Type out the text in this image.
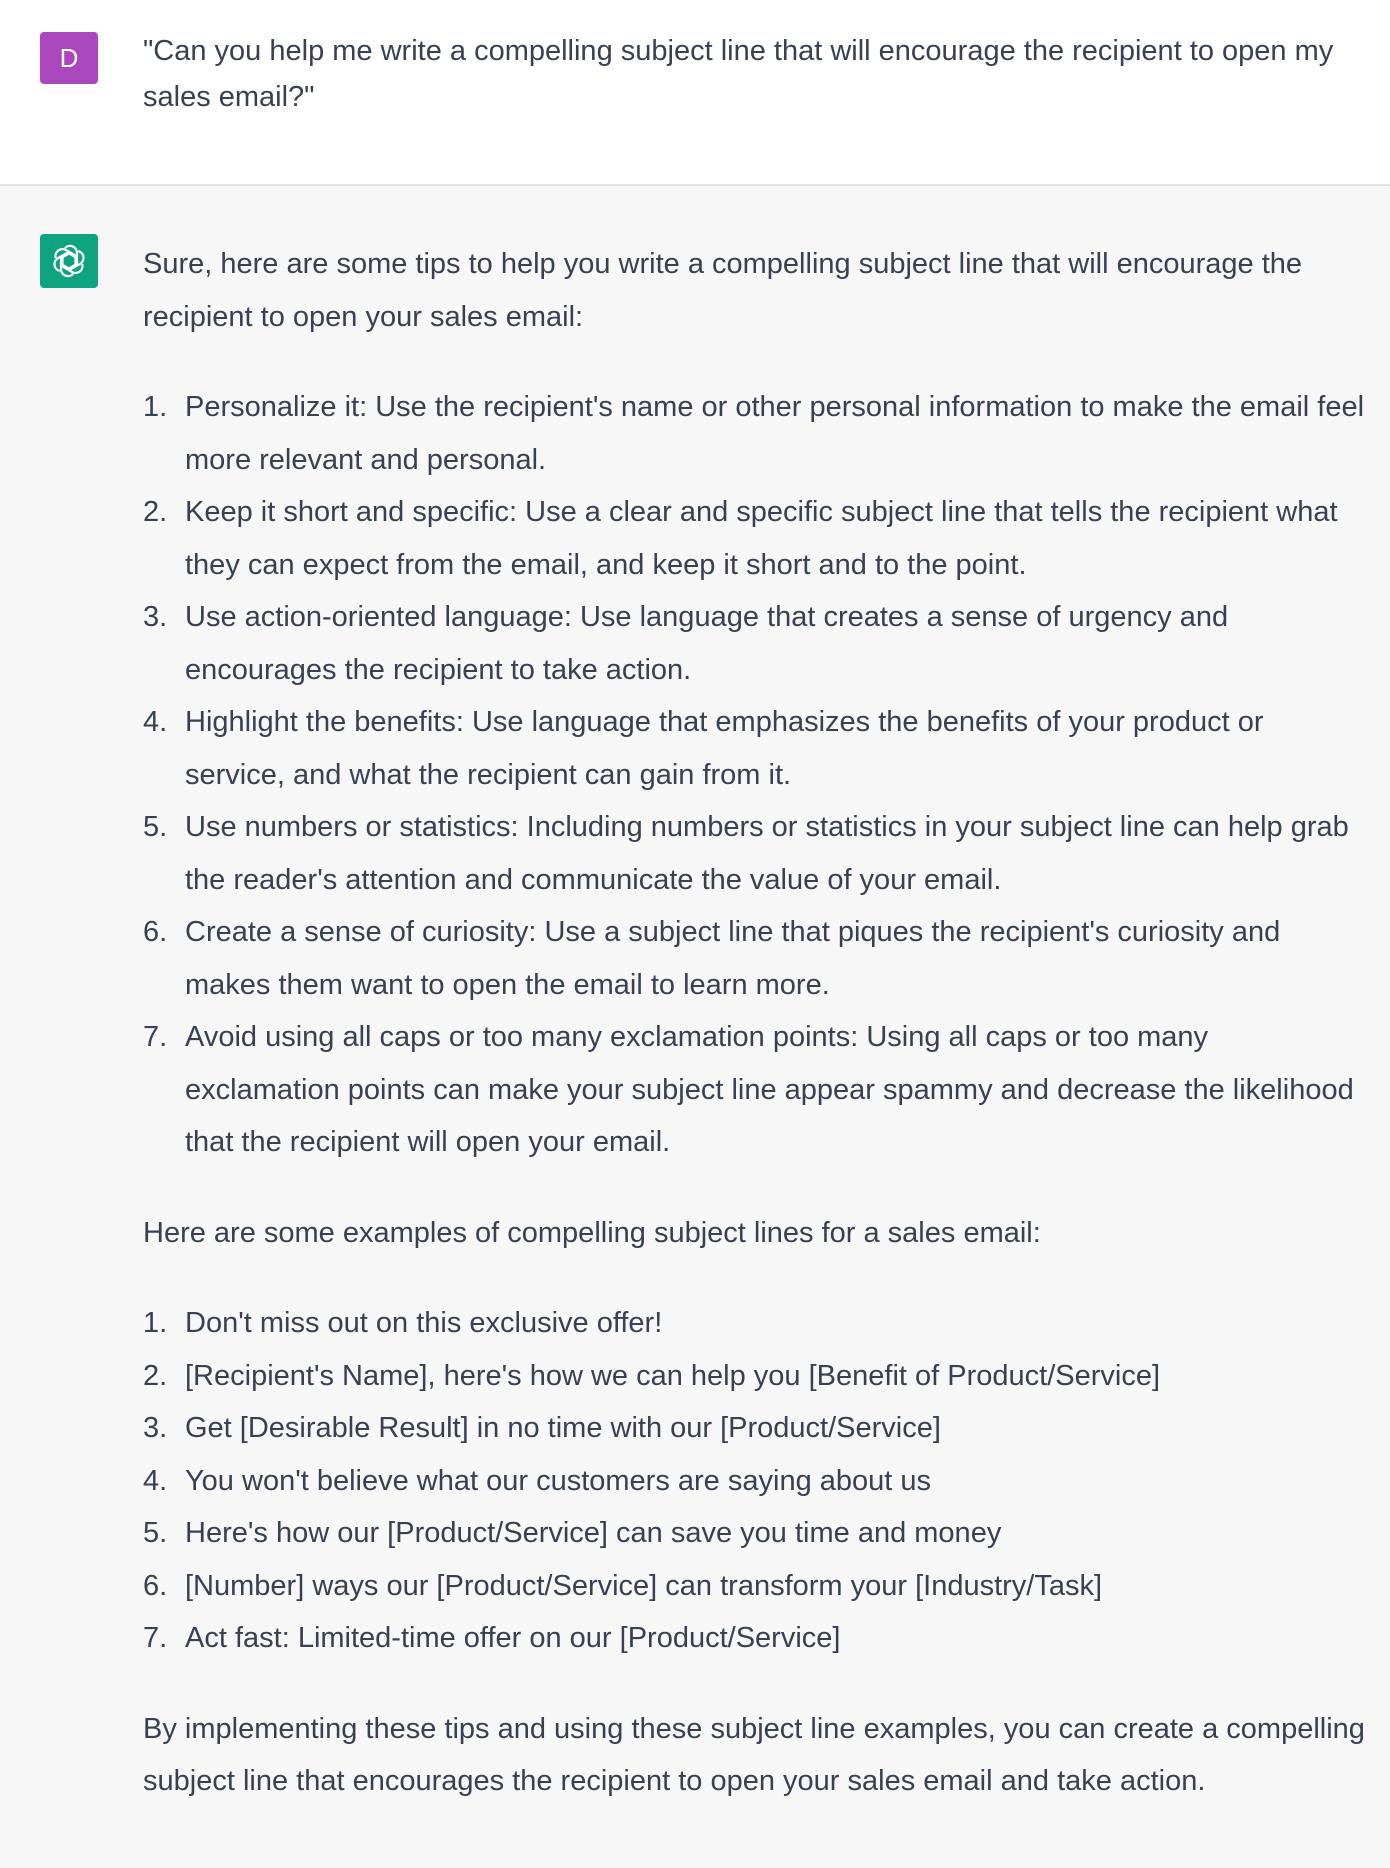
D	"Can you help me write a compelling subject line that will encourage the recipient to open my sales email?"

Sure, here are some tips to help you write a compelling subject line that will encourage the recipient to open your sales email:

1. Personalize it: Use the recipient's name or other personal information to make the email feel more relevant and personal.
2. Keep it short and specific: Use a clear and specific subject line that tells the recipient what they can expect from the email, and keep it short and to the point.
3. Use action-oriented language: Use language that creates a sense of urgency and encourages the recipient to take action.
4. Highlight the benefits: Use language that emphasizes the benefits of your product or service, and what the recipient can gain from it.
5. Use numbers or statistics: Including numbers or statistics in your subject line can help grab the reader's attention and communicate the value of your email.
6. Create a sense of curiosity: Use a subject line that piques the recipient's curiosity and makes them want to open the email to learn more.
7. Avoid using all caps or too many exclamation points: Using all caps or too many exclamation points can make your subject line appear spammy and decrease the likelihood that the recipient will open your email.

Here are some examples of compelling subject lines for a sales email:

1. Don't miss out on this exclusive offer!
2. [Recipient's Name], here's how we can help you [Benefit of Product/Service]
3. Get [Desirable Result] in no time with our [Product/Service]
4. You won't believe what our customers are saying about us
5. Here's how our [Product/Service] can save you time and money
6. [Number] ways our [Product/Service] can transform your [Industry/Task]
7. Act fast: Limited-time offer on our [Product/Service]

By implementing these tips and using these subject line examples, you can create a compelling subject line that encourages the recipient to open your sales email and take action.
